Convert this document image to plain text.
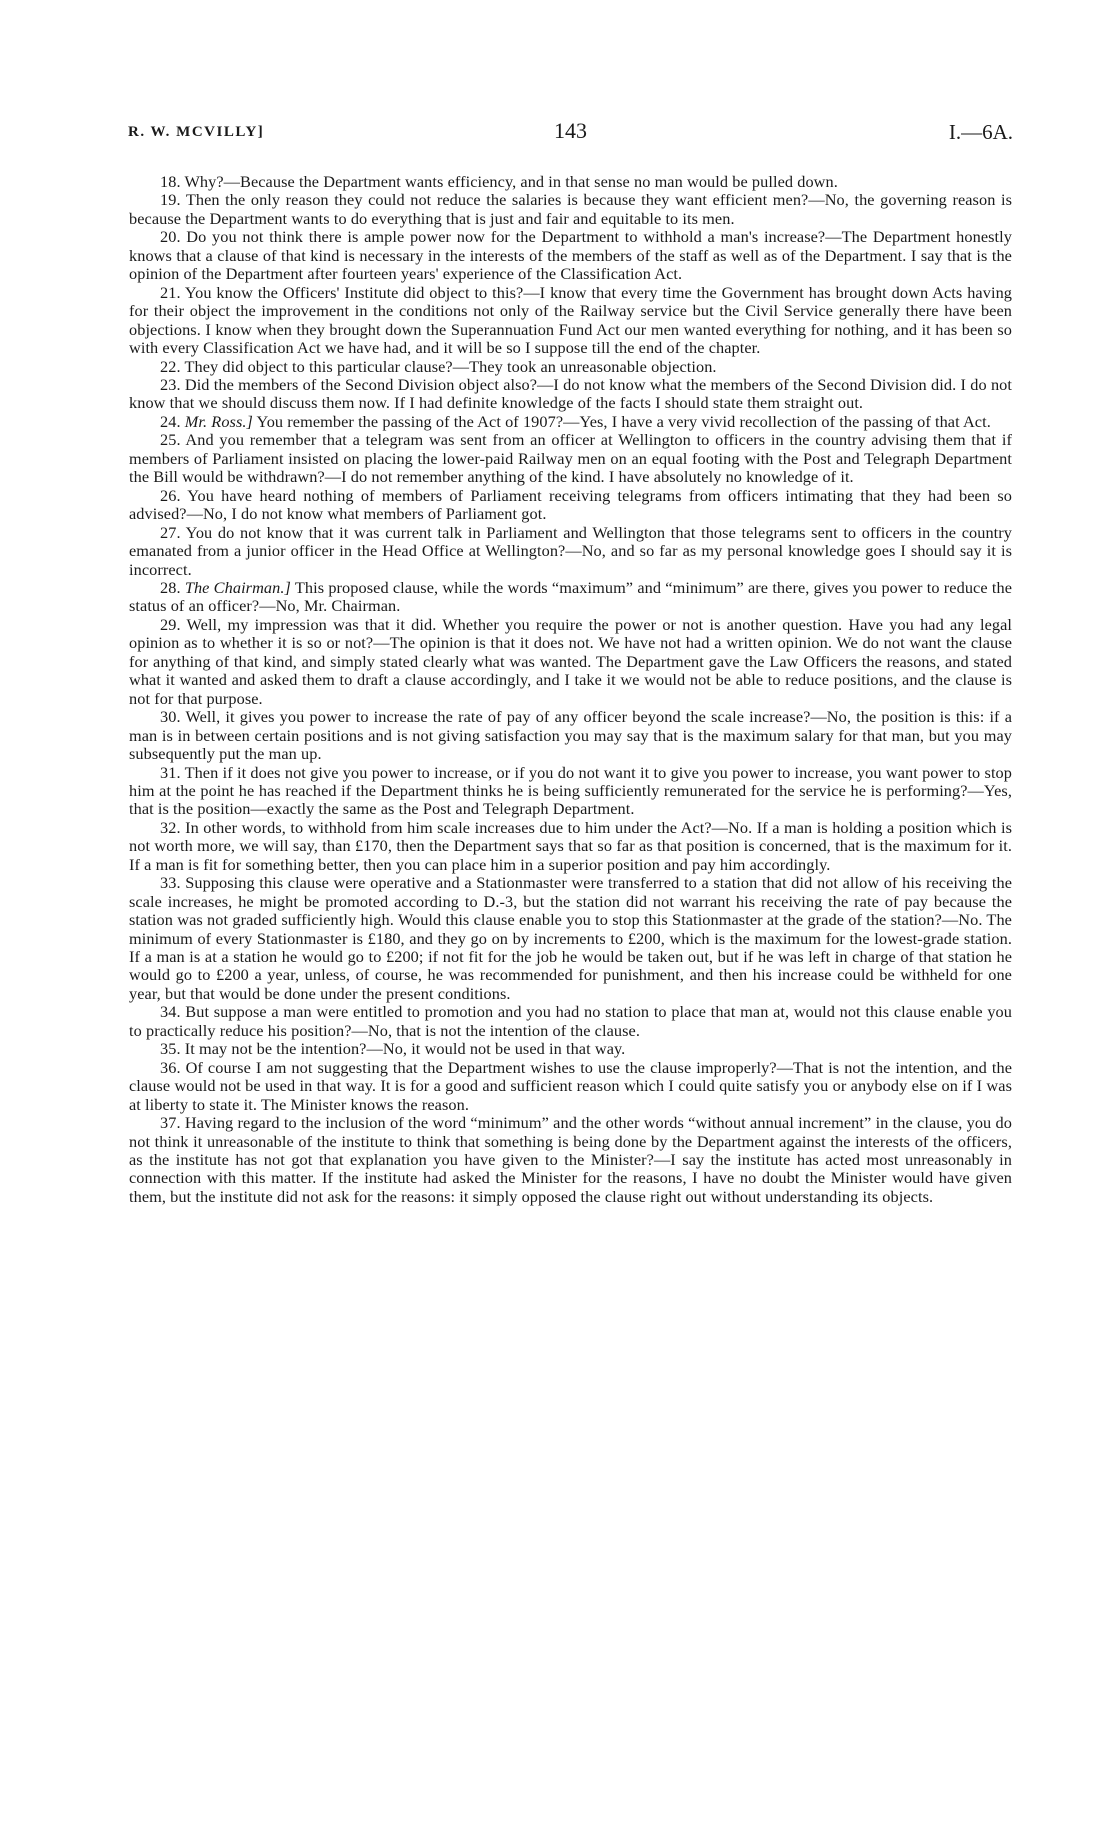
R. W. MCVILLY]	143	I.—6A.

18. Why?—Because the Department wants efficiency, and in that sense no man would be pulled down.

19. Then the only reason they could not reduce the salaries is because they want efficient men?—No, the governing reason is because the Department wants to do everything that is just and fair and equitable to its men.

20. Do you not think there is ample power now for the Department to withhold a man's increase?—The Department honestly knows that a clause of that kind is necessary in the interests of the members of the staff as well as of the Department. I say that is the opinion of the Department after fourteen years' experience of the Classification Act.

21. You know the Officers' Institute did object to this?—I know that every time the Government has brought down Acts having for their object the improvement in the conditions not only of the Railway service but the Civil Service generally there have been objections. I know when they brought down the Superannuation Fund Act our men wanted everything for nothing, and it has been so with every Classification Act we have had, and it will be so I suppose till the end of the chapter.

22. They did object to this particular clause?—They took an unreasonable objection.

23. Did the members of the Second Division object also?—I do not know what the members of the Second Division did. I do not know that we should discuss them now. If I had definite knowledge of the facts I should state them straight out.

24. Mr. Ross.] You remember the passing of the Act of 1907?—Yes, I have a very vivid recollection of the passing of that Act.

25. And you remember that a telegram was sent from an officer at Wellington to officers in the country advising them that if members of Parliament insisted on placing the lower-paid Railway men on an equal footing with the Post and Telegraph Department the Bill would be withdrawn?—I do not remember anything of the kind. I have absolutely no knowledge of it.

26. You have heard nothing of members of Parliament receiving telegrams from officers intimating that they had been so advised?—No, I do not know what members of Parliament got.

27. You do not know that it was current talk in Parliament and Wellington that those telegrams sent to officers in the country emanated from a junior officer in the Head Office at Wellington?—No, and so far as my personal knowledge goes I should say it is incorrect.

28. The Chairman.] This proposed clause, while the words “maximum” and “minimum” are there, gives you power to reduce the status of an officer?—No, Mr. Chairman.

29. Well, my impression was that it did. Whether you require the power or not is another question. Have you had any legal opinion as to whether it is so or not?—The opinion is that it does not. We have not had a written opinion. We do not want the clause for anything of that kind, and simply stated clearly what was wanted. The Department gave the Law Officers the reasons, and stated what it wanted and asked them to draft a clause accordingly, and I take it we would not be able to reduce positions, and the clause is not for that purpose.

30. Well, it gives you power to increase the rate of pay of any officer beyond the scale increase?—No, the position is this: if a man is in between certain positions and is not giving satisfaction you may say that is the maximum salary for that man, but you may subsequently put the man up.

31. Then if it does not give you power to increase, or if you do not want it to give you power to increase, you want power to stop him at the point he has reached if the Department thinks he is being sufficiently remunerated for the service he is performing?—Yes, that is the position—exactly the same as the Post and Telegraph Department.

32. In other words, to withhold from him scale increases due to him under the Act?—No. If a man is holding a position which is not worth more, we will say, than £170, then the Department says that so far as that position is concerned, that is the maximum for it. If a man is fit for something better, then you can place him in a superior position and pay him accordingly.

33. Supposing this clause were operative and a Stationmaster were transferred to a station that did not allow of his receiving the scale increases, he might be promoted according to D.-3, but the station did not warrant his receiving the rate of pay because the station was not graded sufficiently high. Would this clause enable you to stop this Stationmaster at the grade of the station?—No. The minimum of every Stationmaster is £180, and they go on by increments to £200, which is the maximum for the lowest-grade station. If a man is at a station he would go to £200; if not fit for the job he would be taken out, but if he was left in charge of that station he would go to £200 a year, unless, of course, he was recommended for punishment, and then his increase could be withheld for one year, but that would be done under the present conditions.

34. But suppose a man were entitled to promotion and you had no station to place that man at, would not this clause enable you to practically reduce his position?—No, that is not the intention of the clause.

35. It may not be the intention?—No, it would not be used in that way.

36. Of course I am not suggesting that the Department wishes to use the clause improperly?—That is not the intention, and the clause would not be used in that way. It is for a good and sufficient reason which I could quite satisfy you or anybody else on if I was at liberty to state it. The Minister knows the reason.

37. Having regard to the inclusion of the word “minimum” and the other words “without annual increment” in the clause, you do not think it unreasonable of the institute to think that something is being done by the Department against the interests of the officers, as the institute has not got that explanation you have given to the Minister?—I say the institute has acted most unreasonably in connection with this matter. If the institute had asked the Minister for the reasons, I have no doubt the Minister would have given them, but the institute did not ask for the reasons: it simply opposed the clause right out without understanding its objects.
